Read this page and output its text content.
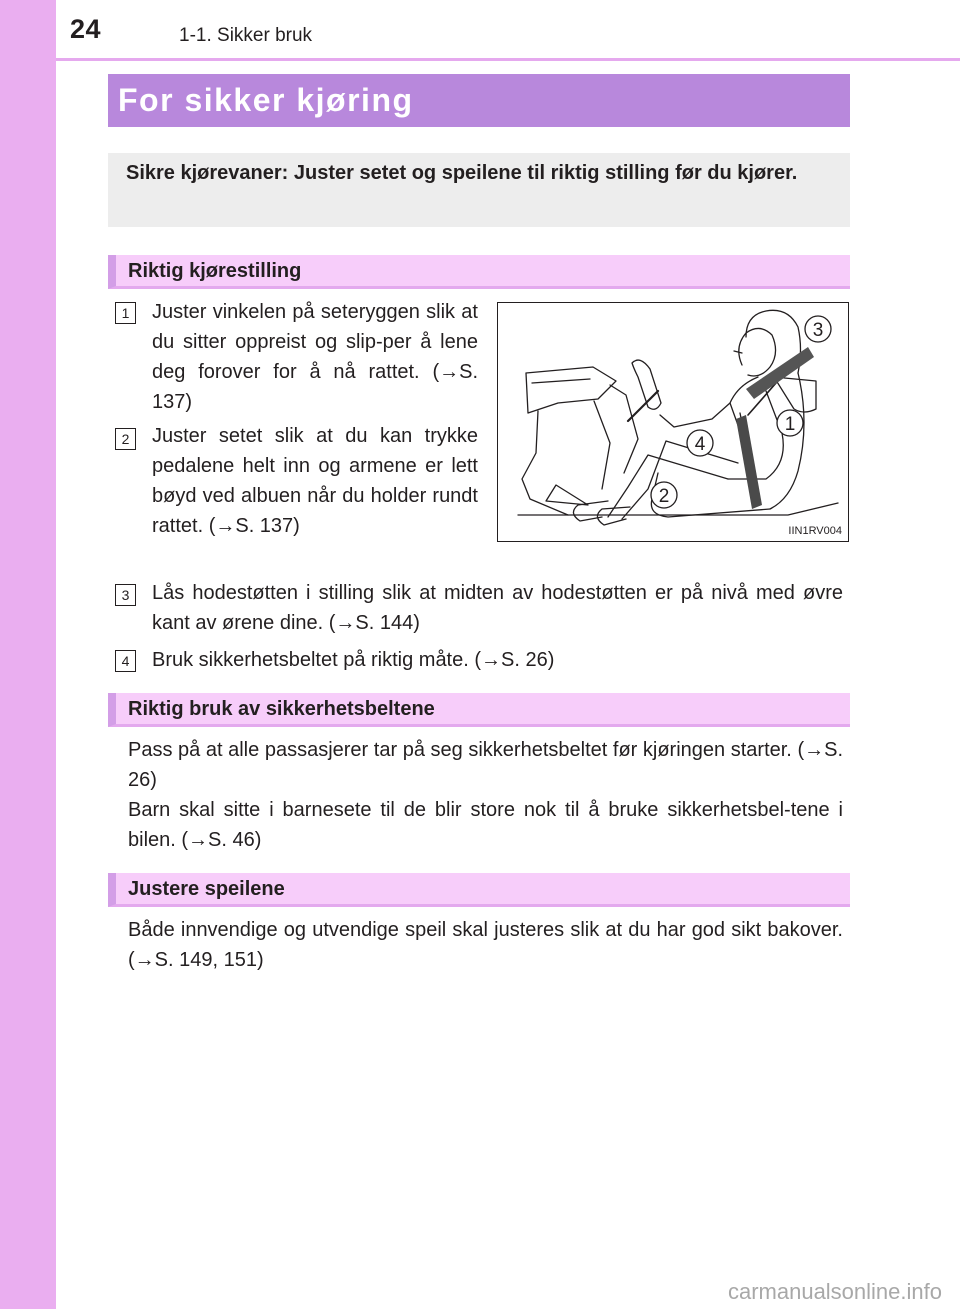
24	1-1. Sikker bruk
For sikker kjøring
Sikre kjørevaner: Juster setet og speilene til riktig stilling før du kjører.
Riktig kjørestilling
1	Juster vinkelen på seteryggen slik at du sitter oppreist og slip-per å lene deg forover for å nå rattet. (→S. 137)
2	Juster setet slik at du kan trykke pedalene helt inn og armene er lett bøyd ved albuen når du holder rundt rattet. (→S. 137)
3
1
4
2
IIN1RV004
3	Lås hodestøtten i stilling slik at midten av hodestøtten er på nivå med øvre kant av ørene dine. (→S. 144)
4	Bruk sikkerhetsbeltet på riktig måte. (→S. 26)
Riktig bruk av sikkerhetsbeltene
Pass på at alle passasjerer tar på seg sikkerhetsbeltet før kjøringen starter. (→S. 26)
Barn skal sitte i barnesete til de blir store nok til å bruke sikkerhetsbel-tene i bilen. (→S. 46)
Justere speilene
Både innvendige og utvendige speil skal justeres slik at du har god sikt bakover. (→S. 149, 151)
carmanualsonline.info
